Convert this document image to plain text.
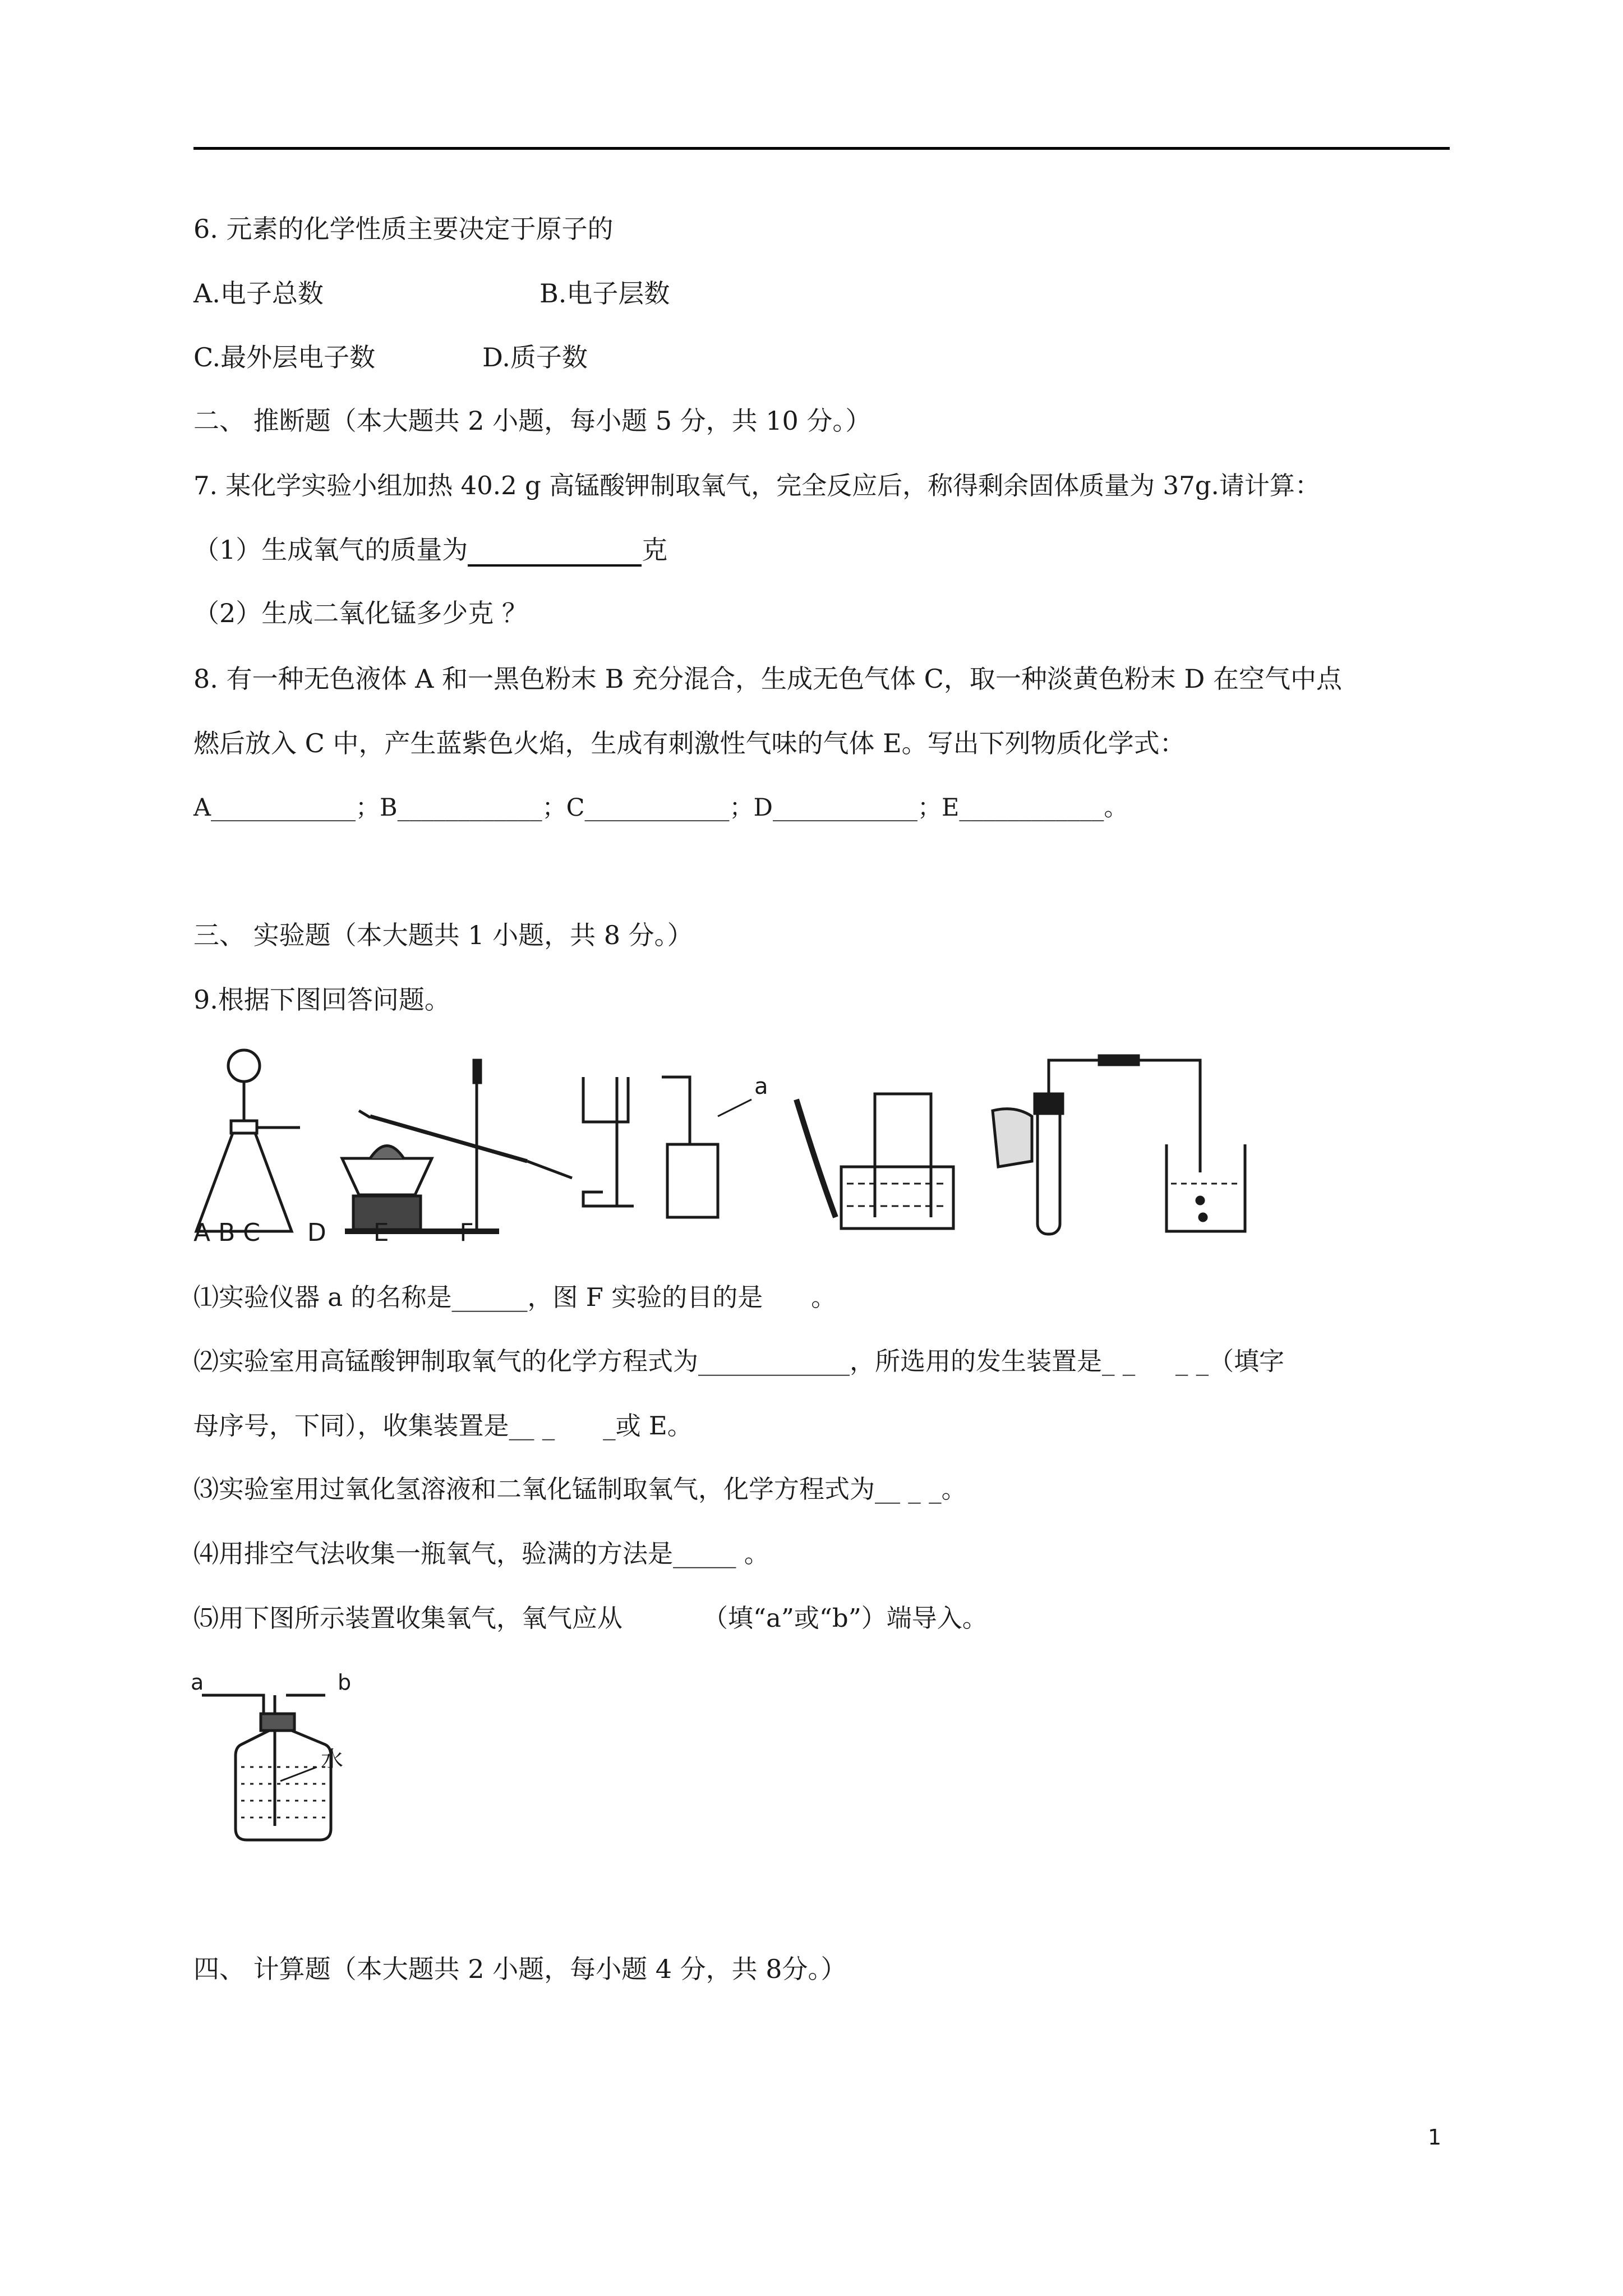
6. 元素的化学性质主要决定于原子的
A.电子总数	B.电子层数
C.最外层电子数	D.质子数
二、 推断题（本大题共 2 小题，每小题 5 分，共 10 分。）
7. 某化学实验小组加热 40.2 g 高锰酸钾制取氧气，完全反应后，称得剩余固体质量为 37g.请计算：
（1）生成氧气的质量为	克
（2）生成二氧化锰多少克 ？
8. 有一种无色液体 A 和一黑色粉末 B 充分混合，生成无色气体 C，取一种淡黄色粉末 D 在空气中点
燃后放入 C 中，产生蓝紫色火焰，生成有刺激性气味的气体 E。写出下列物质化学式：
A____________；B____________；C____________；D____________；E____________。
三、 实验题（本大题共 1 小题，共 8 分。）
9.根据下图回答问题。
a
A B C      D      E         F
⑴实验仪器 a 的名称是______，图 F 实验的目的是      。
⑵实验室用高锰酸钾制取氧气的化学方程式为____________，所选用的发生装置是_ _     _ _（填字
母序号，下同），收集装置是__ _      _或 E。
⑶实验室用过氧化氢溶液和二氧化锰制取氧气，化学方程式为__ _ _。
⑷用排空气法收集一瓶氧气，验满的方法是_____ 。
⑸用下图所示装置收集氧气，氧气应从          （填“a”或“b”）端导入。
a	b
水
四、 计算题（本大题共 2 小题，每小题 4 分，共 8分。）
1
